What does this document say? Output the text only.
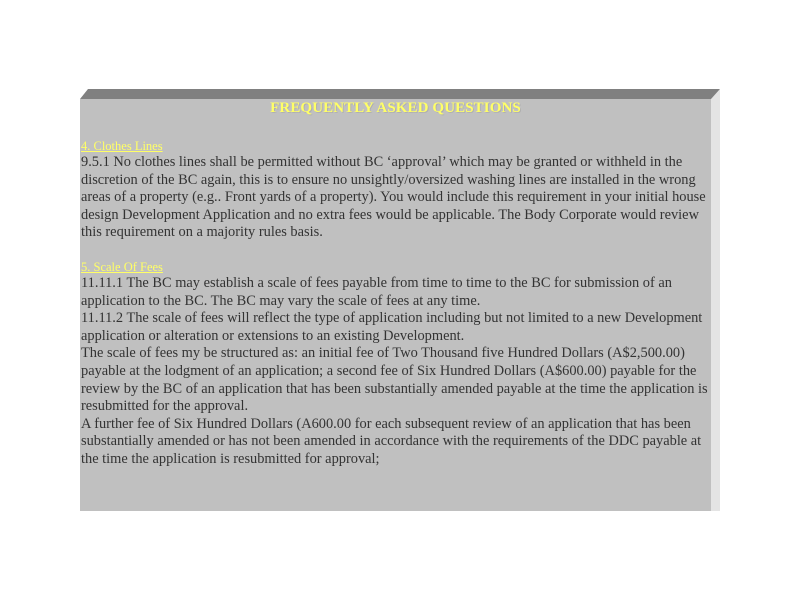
FREQUENTLY ASKED QUESTIONS
4. Clothes Lines

9.5.1 No clothes lines shall be permitted without BC ‘approval’ which may be granted or withheld in the discretion of the BC again, this is to ensure no unsightly/oversized washing lines are installed in the wrong areas of a property (e.g.. Front yards of a property). You would include this requirement in your initial house design Development Application and no extra fees would be applicable. The Body Corporate would review this requirement on a majority rules basis.

5. Scale Of Fees

11.11.1 The BC may establish a scale of fees payable from time to time to the BC for submission of an application to the BC. The BC may vary the scale of fees at any time.

11.11.2 The scale of fees will reflect the type of application including but not limited to a new Development application or alteration or extensions to an existing Development.

The scale of fees my be structured as: an initial fee of Two Thousand five Hundred Dollars (A$2,500.00) payable at the lodgment of an application; a second fee of Six Hundred Dollars (A$600.00) payable for the review by the BC of an application that has been substantially amended payable at the time the application is resubmitted for the approval.

A further fee of Six Hundred Dollars (A600.00 for each subsequent review of an application that has been substantially amended or has not been amended in accordance with the requirements of the DDC payable at the time the application is resubmitted for approval;
